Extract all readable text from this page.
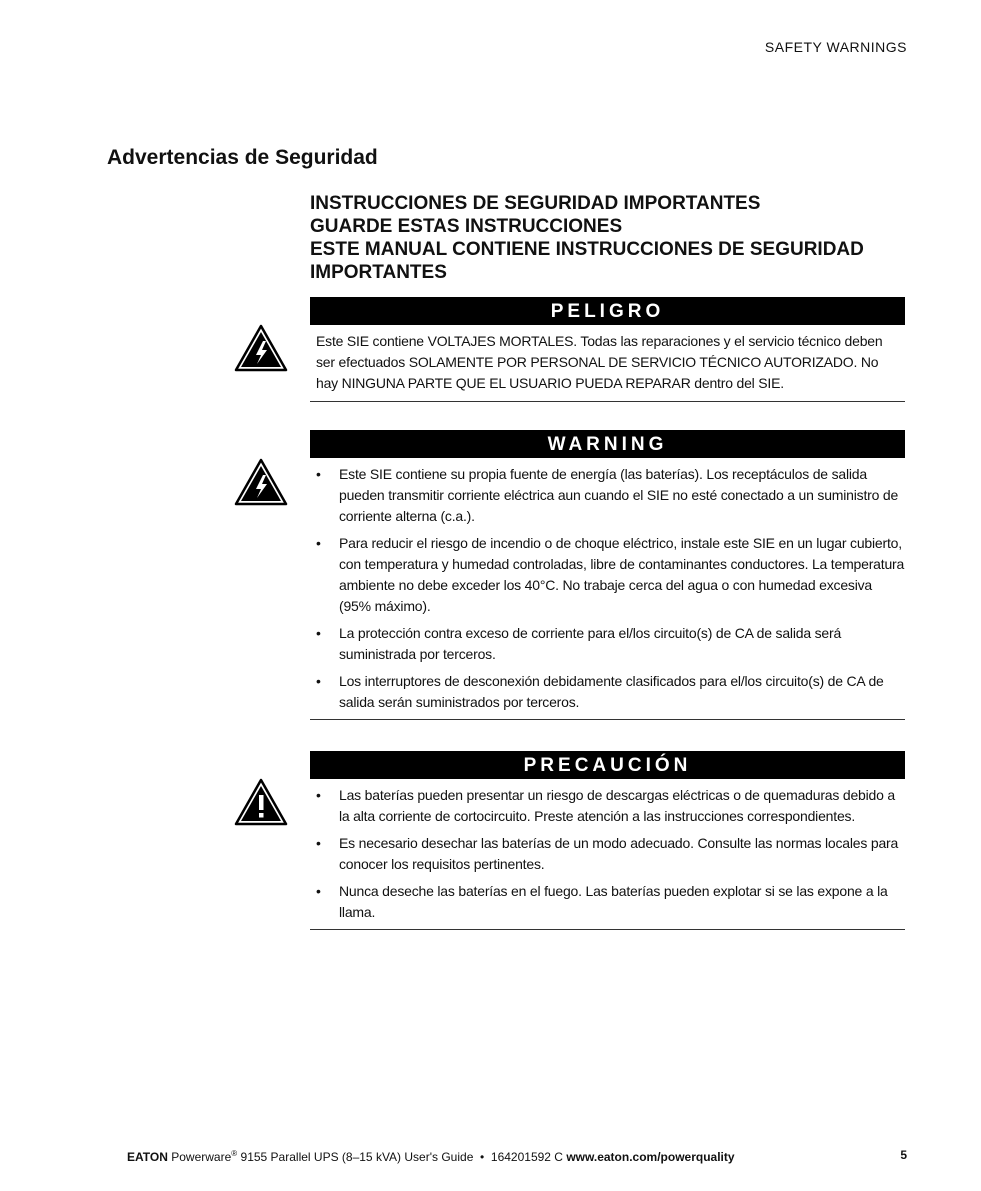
SAFETY WARNINGS
Advertencias de Seguridad
INSTRUCCIONES DE SEGURIDAD IMPORTANTES
GUARDE ESTAS INSTRUCCIONES
ESTE MANUAL CONTIENE INSTRUCCIONES DE SEGURIDAD
IMPORTANTES
PELIGRO
Este SIE contiene VOLTAJES MORTALES. Todas las reparaciones y el servicio técnico deben ser efectuados SOLAMENTE POR PERSONAL DE SERVICIO TÉCNICO AUTORIZADO. No hay NINGUNA PARTE QUE EL USUARIO PUEDA REPARAR dentro del SIE.
WARNING
• Este SIE contiene su propia fuente de energía (las baterías). Los receptáculos de salida pueden transmitir corriente eléctrica aun cuando el SIE no esté conectado a un suministro de corriente alterna (c.a.).
• Para reducir el riesgo de incendio o de choque eléctrico, instale este SIE en un lugar cubierto, con temperatura y humedad controladas, libre de contaminantes conductores. La temperatura ambiente no debe exceder los 40°C. No trabaje cerca del agua o con humedad excesiva (95% máximo).
• La protección contra exceso de corriente para el/los circuito(s) de CA de salida será suministrada por terceros.
• Los interruptores de desconexión debidamente clasificados para el/los circuito(s) de CA de salida serán suministrados por terceros.
PRECAUCIÓN
• Las baterías pueden presentar un riesgo de descargas eléctricas o de quemaduras debido a la alta corriente de cortocircuito. Preste atención a las instrucciones correspondientes.
• Es necesario desechar las baterías de un modo adecuado. Consulte las normas locales para conocer los requisitos pertinentes.
• Nunca deseche las baterías en el fuego. Las baterías pueden explotar si se las expone a la llama.
EATON Powerware® 9155 Parallel UPS (8–15 kVA) User's Guide  •  164201592 C www.eaton.com/powerquality	5
